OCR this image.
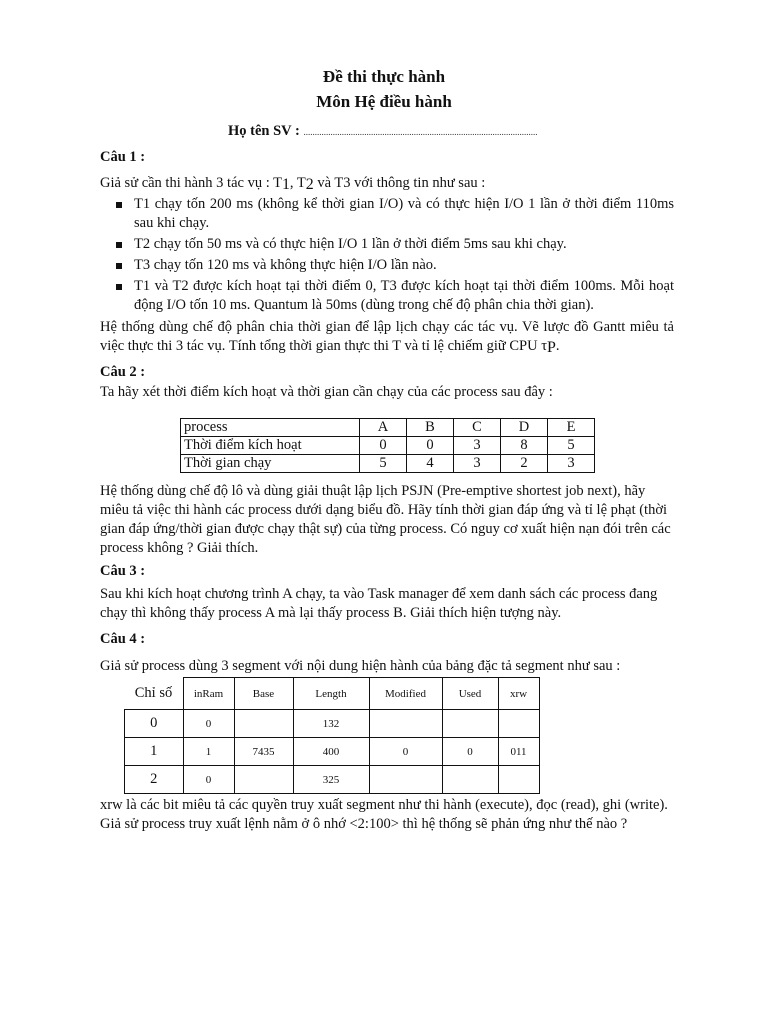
Đề thi thực hành
Môn Hệ điều hành
Họ tên SV : ........................................................................................................
Câu 1 :
Giả sử cần thi hành 3 tác vụ : $T_1$, $T_2$ và T3 với thông tin như sau :
T1 chạy tốn 200 ms (không kể thời gian I/O) và có thực hiện I/O 1 lần ở thời điểm 110ms sau khi chạy.
T2 chạy tốn 50 ms và có thực hiện I/O 1 lần ở thời điểm 5ms sau khi chạy.
T3 chạy tốn 120 ms và không thực hiện I/O lần nào.
T1 và T2 được kích hoạt tại thời điểm 0, T3 được kích hoạt tại thời điểm 100ms. Mỗi hoạt động I/O tốn 10 ms. Quantum là 50ms (dùng trong chế độ phân chia thời gian).
Hệ thống dùng chế độ phân chia thời gian để lập lịch chạy các tác vụ. Vẽ lược đồ Gantt miêu tả việc thực thi 3 tác vụ. Tính tổng thời gian thực thi T và tỉ lệ chiếm giữ CPU $\tau_P$.
Câu 2 :
Ta hãy xét thời điểm kích hoạt và thời gian cần chạy của các process sau đây :
process	A	B	C	D	E
Thời điểm kích hoạt	0	0	3	8	5
Thời gian chạy	5	4	3	2	3
Hệ thống dùng chế độ lô và dùng giải thuật lập lịch PSJN (Pre-emptive shortest job next), hãy miêu tả việc thi hành các process dưới dạng biểu đồ. Hãy tính thời gian đáp ứng và tỉ lệ phạt (thời gian đáp ứng/thời gian được chạy thật sự) của từng process. Có nguy cơ xuất hiện nạn đói trên các process không ? Giải thích.
Câu 3 :
Sau khi kích hoạt chương trình A chạy, ta vào Task manager để xem danh sách các process đang chạy thì không thấy process A mà lại thấy process B. Giải thích hiện tượng này.
Câu 4 :
Giả sử process dùng 3 segment với nội dung hiện hành của bảng đặc tả segment như sau :
Chỉ số	inRam	Base	Length	Modified	Used	xrw
0	0		132			
1	1	7435	400	0	0	011
2	0		325			
xrw là các bit miêu tả các quyền truy xuất segment như thi hành (execute), đọc (read), ghi (write). Giả sử process truy xuất lệnh nằm ở ô nhớ <2:100> thì hệ thống sẽ phản ứng như thế nào ?
